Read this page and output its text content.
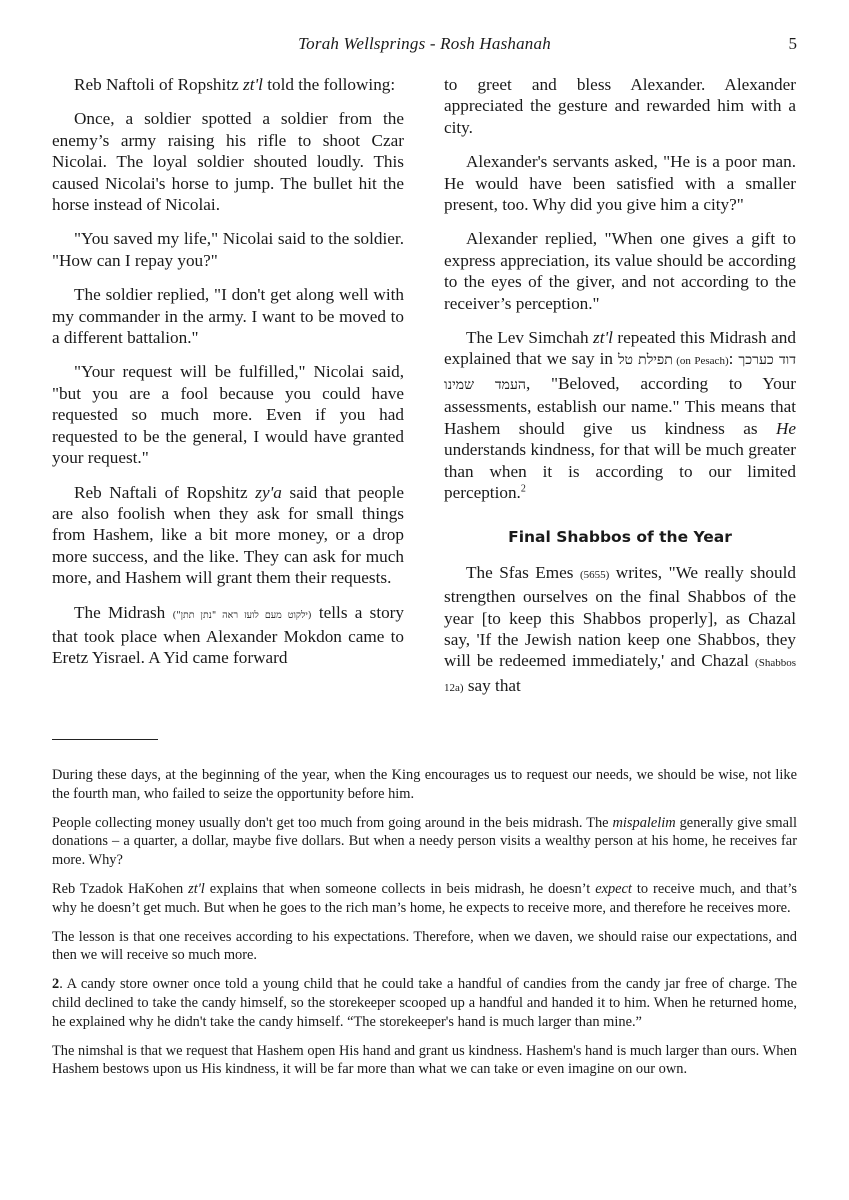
Torah Wellsprings - Rosh Hashanah	5

Reb Naftoli of Ropshitz zt'l told the following:

Once, a soldier spotted a soldier from the enemy’s army raising his rifle to shoot Czar Nicolai. The loyal soldier shouted loudly. This caused Nicolai's horse to jump. The bullet hit the horse instead of Nicolai.

"You saved my life," Nicolai said to the soldier. "How can I repay you?"

The soldier replied, "I don't get along well with my commander in the army. I want to be moved to a different battalion."

"Your request will be fulfilled," Nicolai said, "but you are a fool because you could have requested so much more. Even if you had requested to be the general, I would have granted your request."

Reb Naftali of Ropshitz zy'a said that people are also foolish when they ask for small things from Hashem, like a bit more money, or a drop more success, and the like. They can ask for much more, and Hashem will grant them their requests.

The Midrash (ילקוט מעם לועז ראה "נתן תתן") tells a story that took place when Alexander Mokdon came to Eretz Yisrael. A Yid came forward

to greet and bless Alexander. Alexander appreciated the gesture and rewarded him with a city.

Alexander's servants asked, "He is a poor man. He would have been satisfied with a smaller present, too. Why did you give him a city?"

Alexander replied, "When one gives a gift to express appreciation, its value should be according to the eyes of the giver, and not according to the receiver’s perception."

The Lev Simchah zt'l repeated this Midrash and explained that we say in תפילת טל (on Pesach): דוד כערכך העמד שמינו, "Beloved, according to Your assessments, establish our name." This means that Hashem should give us kindness as He understands kindness, for that will be much greater than when it is according to our limited perception.$^2$

Final Shabbos of the Year

The Sfas Emes (5655) writes, "We really should strengthen ourselves on the final Shabbos of the year [to keep this Shabbos properly], as Chazal say, 'If the Jewish nation keep one Shabbos, they will be redeemed immediately,' and Chazal (Shabbos 12a) say that

During these days, at the beginning of the year, when the King encourages us to request our needs, we should be wise, not like the fourth man, who failed to seize the opportunity before him.

People collecting money usually don't get too much from going around in the beis midrash. The mispalelim generally give small donations – a quarter, a dollar, maybe five dollars. But when a needy person visits a wealthy person at his home, he receives far more. Why?

Reb Tzadok HaKohen zt'l explains that when someone collects in beis midrash, he doesn’t expect to receive much, and that’s why he doesn’t get much. But when he goes to the rich man’s home, he expects to receive more, and therefore he receives more.

The lesson is that one receives according to his expectations. Therefore, when we daven, we should raise our expectations, and then we will receive so much more.

2. A candy store owner once told a young child that he could take a handful of candies from the candy jar free of charge. The child declined to take the candy himself, so the storekeeper scooped up a handful and handed it to him. When he returned home, he explained why he didn't take the candy himself. “The storekeeper's hand is much larger than mine.”

The nimshal is that we request that Hashem open His hand and grant us kindness. Hashem's hand is much larger than ours. When Hashem bestows upon us His kindness, it will be far more than what we can take or even imagine on our own.
